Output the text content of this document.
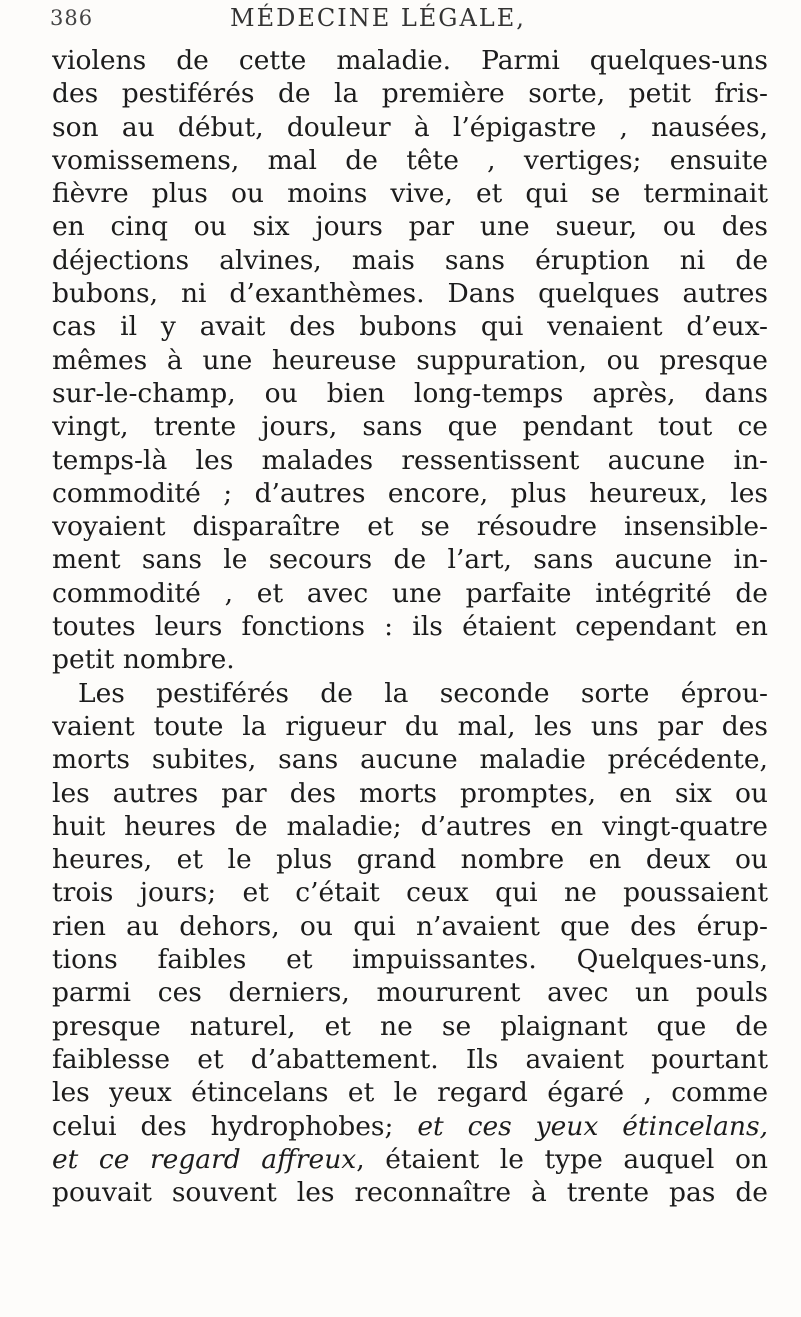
386	MÉDECINE LÉGALE,
violens de cette maladie. Parmi quelques-uns
des pestiférés de la première sorte, petit fris-
son au début, douleur à l’épigastre , nausées,
vomissemens, mal de tête , vertiges; ensuite
fièvre plus ou moins vive, et qui se terminait
en cinq ou six jours par une sueur, ou des
déjections alvines, mais sans éruption ni de
bubons, ni d’exanthèmes. Dans quelques autres
cas il y avait des bubons qui venaient d’eux-
mêmes à une heureuse suppuration, ou presque
sur-le-champ, ou bien long-temps après, dans
vingt, trente jours, sans que pendant tout ce
temps-là les malades ressentissent aucune in-
commodité ; d’autres encore, plus heureux, les
voyaient disparaître et se résoudre insensible-
ment sans le secours de l’art, sans aucune in-
commodité , et avec une parfaite intégrité de
toutes leurs fonctions : ils étaient cependant en
petit nombre.
Les pestiférés de la seconde sorte éprou-
vaient toute la rigueur du mal, les uns par des
morts subites, sans aucune maladie précédente,
les autres par des morts promptes, en six ou
huit heures de maladie; d’autres en vingt-quatre
heures, et le plus grand nombre en deux ou
trois jours; et c’était ceux qui ne poussaient
rien au dehors, ou qui n’avaient que des érup-
tions faibles et impuissantes. Quelques-uns,
parmi ces derniers, moururent avec un pouls
presque naturel, et ne se plaignant que de
faiblesse et d’abattement. Ils avaient pourtant
les yeux étincelans et le regard égaré , comme
celui des hydrophobes; et ces yeux étincelans,
et ce regard affreux, étaient le type auquel on
pouvait souvent les reconnaître à trente pas de
